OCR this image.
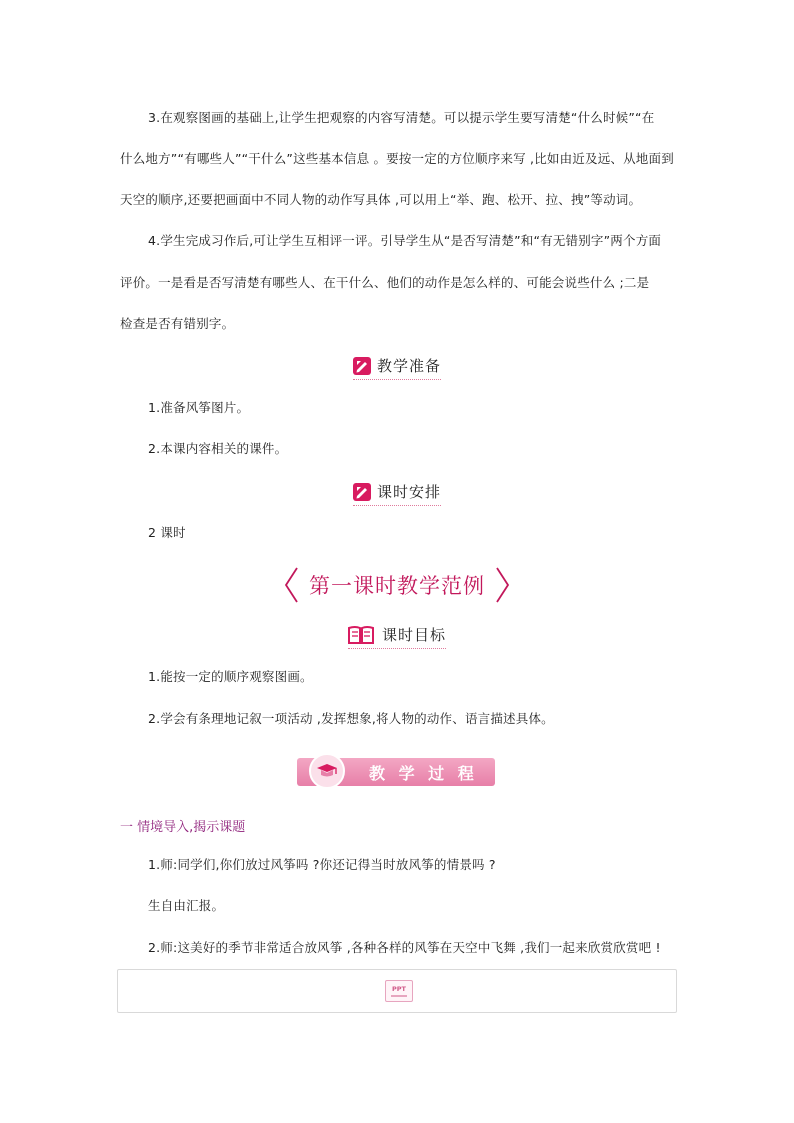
3.在观察图画的基础上,让学生把观察的内容写清楚。可以提示学生要写清楚“什么时候”“在
什么地方”“有哪些人”“干什么”这些基本信息 。要按一定的方位顺序来写 ,比如由近及远、从地面到
天空的顺序,还要把画面中不同人物的动作写具体 ,可以用上“举、跑、松开、拉、拽”等动词。
4.学生完成习作后,可让学生互相评一评。引导学生从“是否写清楚”和“有无错别字”两个方面
评价。一是看是否写清楚有哪些人、在干什么、他们的动作是怎么样的、可能会说些什么 ;二是
检查是否有错别字。
教学准备
1.准备风筝图片。
2.本课内容相关的课件。
课时安排
2 课时
第一课时教学范例
课时目标
1.能按一定的顺序观察图画。
2.学会有条理地记叙一项活动 ,发挥想象,将人物的动作、语言描述具体。
教 学 过 程
一 情境导入,揭示课题
1.师:同学们,你们放过风筝吗 ?你还记得当时放风筝的情景吗 ?
生自由汇报。
2.师:这美好的季节非常适合放风筝 ,各种各样的风筝在天空中飞舞 ,我们一起来欣赏欣赏吧 !
PPT
